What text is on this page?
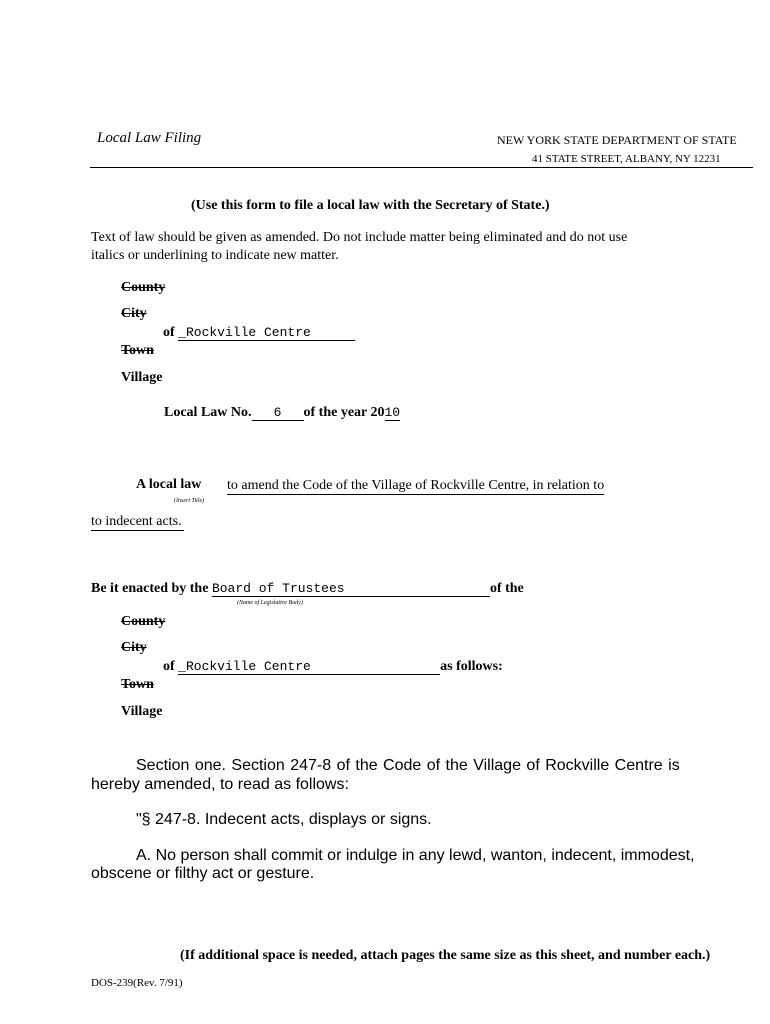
Local Law Filing	NEW YORK STATE DEPARTMENT OF STATE
41 STATE STREET, ALBANY, NY 12231
(Use this form to file a local law with the Secretary of State.)
Text of law should be given as amended. Do not include matter being eliminated and do not use
italics or underlining to indicate new matter.
County
City
of _Rockville Centre
Town
Village
Local Law No. 6 of the year 2010
A local law to amend the Code of the Village of Rockville Centre, in relation to
(Insert Title)
to indecent acts.
Be it enacted by the Board of Trustees	of the
(Name of Legislative Body)
County
City
of _Rockville Centre	as follows:
Town
Village
Section one. Section 247-8 of the Code of the Village of Rockville Centre is
hereby amended, to read as follows:
"§ 247-8. Indecent acts, displays or signs.
A. No person shall commit or indulge in any lewd, wanton, indecent, immodest,
obscene or filthy act or gesture.
(If additional space is needed, attach pages the same size as this sheet, and number each.)
DOS-239(Rev. 7/91)
